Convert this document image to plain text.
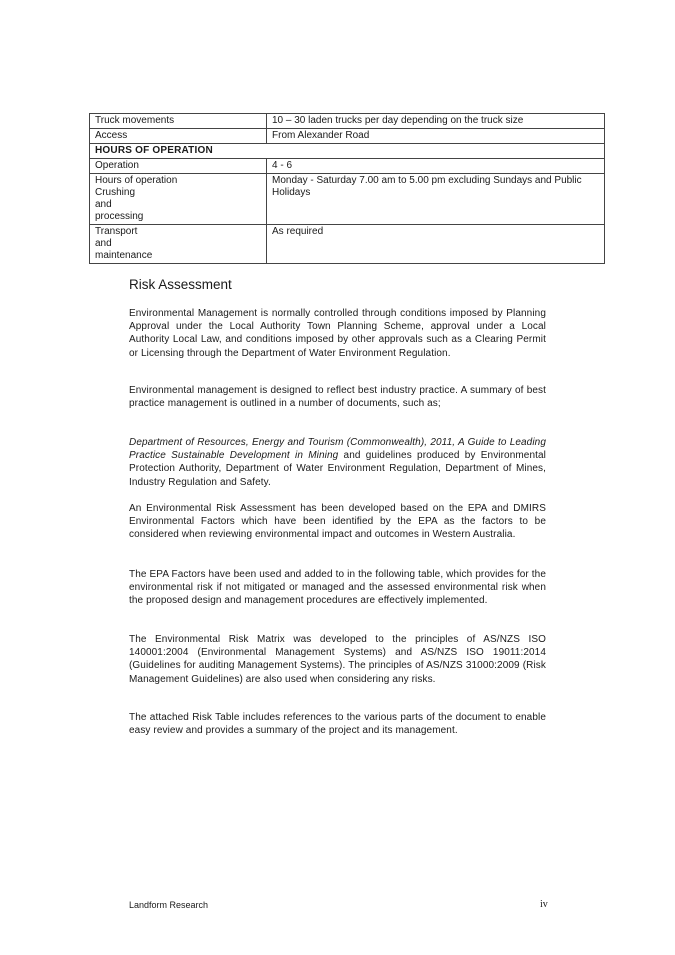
Truck movements	10 – 30 laden trucks per day depending on the truck size
Access	From Alexander Road
HOURS OF OPERATION	
Operation	4 - 6

Hours of operation
Crushing
and
processing	Monday - Saturday 7.00 am to 5.00 pm excluding Sundays and Public Holidays

Transport
and
maintenance	As required
Risk Assessment

Environmental Management is normally controlled through conditions imposed by Planning Approval under the Local Authority Town Planning Scheme, approval under a Local Authority Local Law, and conditions imposed by other approvals such as a Clearing Permit or Licensing through the Department of Water Environment Regulation.

Environmental management is designed to reflect best industry practice. A summary of best practice management is outlined in a number of documents, such as;

Department of Resources, Energy and Tourism (Commonwealth), 2011, A Guide to Leading Practice Sustainable Development in Mining and guidelines produced by Environmental Protection Authority, Department of Water Environment Regulation, Department of Mines, Industry Regulation and Safety.

An Environmental Risk Assessment has been developed based on the EPA and DMIRS Environmental Factors which have been identified by the EPA as the factors to be considered when reviewing environmental impact and outcomes in Western Australia.

The EPA Factors have been used and added to in the following table, which provides for the environmental risk if not mitigated or managed and the assessed environmental risk when the proposed design and management procedures are effectively implemented.

The Environmental Risk Matrix was developed to the principles of AS/NZS ISO 140001:2004 (Environmental Management Systems) and AS/NZS ISO 19011:2014 (Guidelines for auditing Management Systems). The principles of AS/NZS 31000:2009 (Risk Management Guidelines) are also used when considering any risks.

The attached Risk Table includes references to the various parts of the document to enable easy review and provides a summary of the project and its management.

Landform Research	iv
